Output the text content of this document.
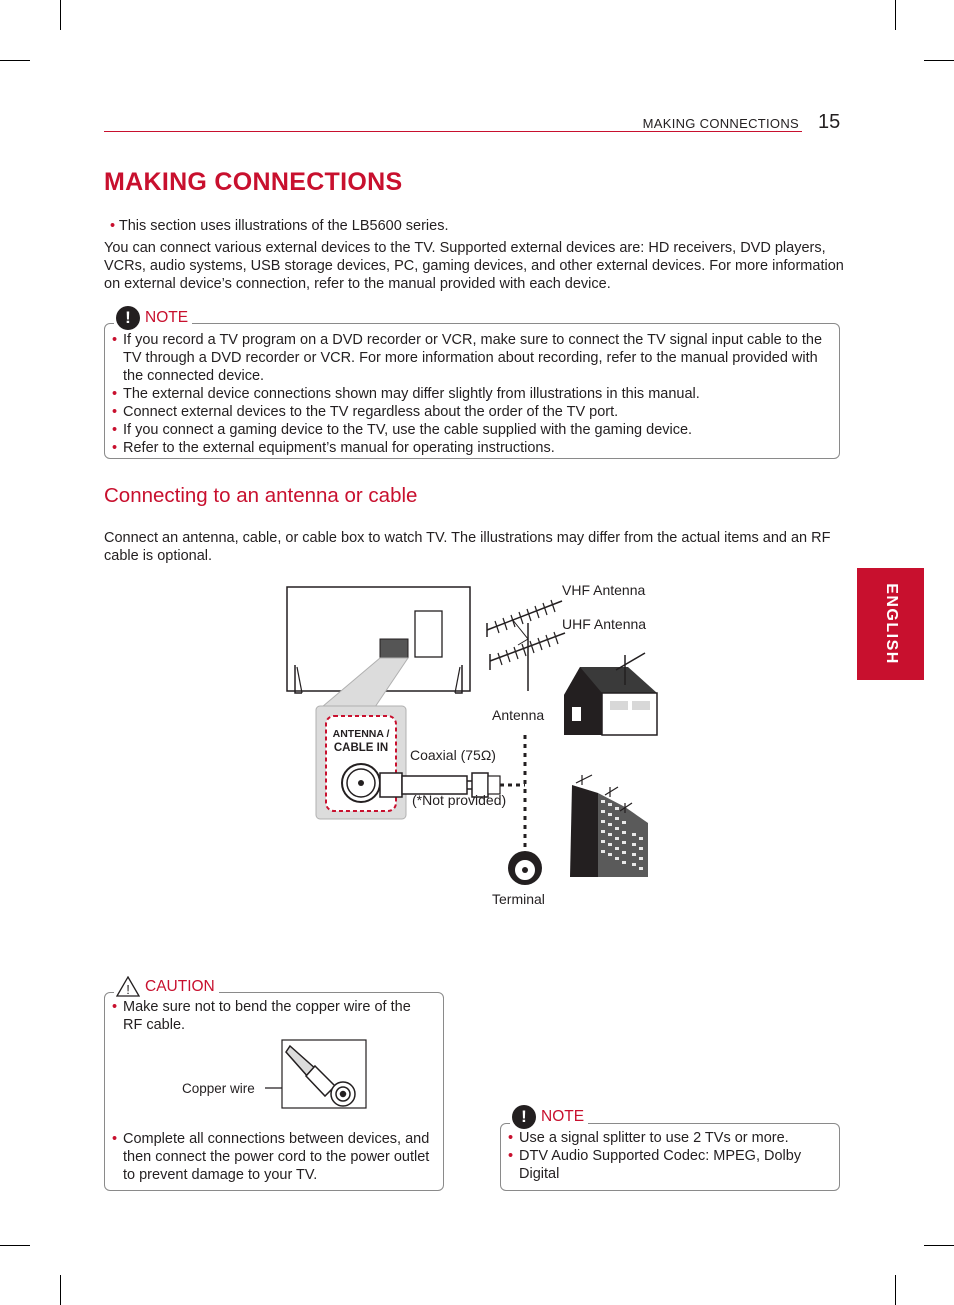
MAKING CONNECTIONS 15
MAKING CONNECTIONS
• This section uses illustrations of the LB5600 series.

You can connect various external devices to the TV. Supported external devices are: HD receivers, DVD players, VCRs, audio systems, USB storage devices, PC, gaming devices, and other external devices. For more information on external device’s connection, refer to the manual provided with each device.

• If you record a TV program on a DVD recorder or VCR, make sure to connect the TV signal input cable to the TV through a DVD recorder or VCR. For more information about recording, refer to the manual provided with the connected device.
• The external device connections shown may differ slightly from illustrations in this manual.
• Connect external devices to the TV regardless about the order of the TV port.
• If you connect a gaming device to the TV, use the cable supplied with the gaming device.
• Refer to the external equipment’s manual for operating instructions.
! NOTE
Connecting to an antenna or cable

Connect an antenna, cable, or cable box to watch TV. The illustrations may differ from the actual items and an RF cable is optional.

ENGLISH
ANTENNA /
CABLE IN
VHF Antenna
UHF Antenna
Antenna
Coaxial (75Ω)
(*Not provided)
Terminal
• Make sure not to bend the copper wire of the RF cable.
• Complete all connections between devices, and then connect the power cord to the power outlet to prevent damage to your TV.
! CAUTION
Copper wire
• Use a signal splitter to use 2 TVs or more.
• DTV Audio Supported Codec: MPEG, Dolby Digital
! NOTE
